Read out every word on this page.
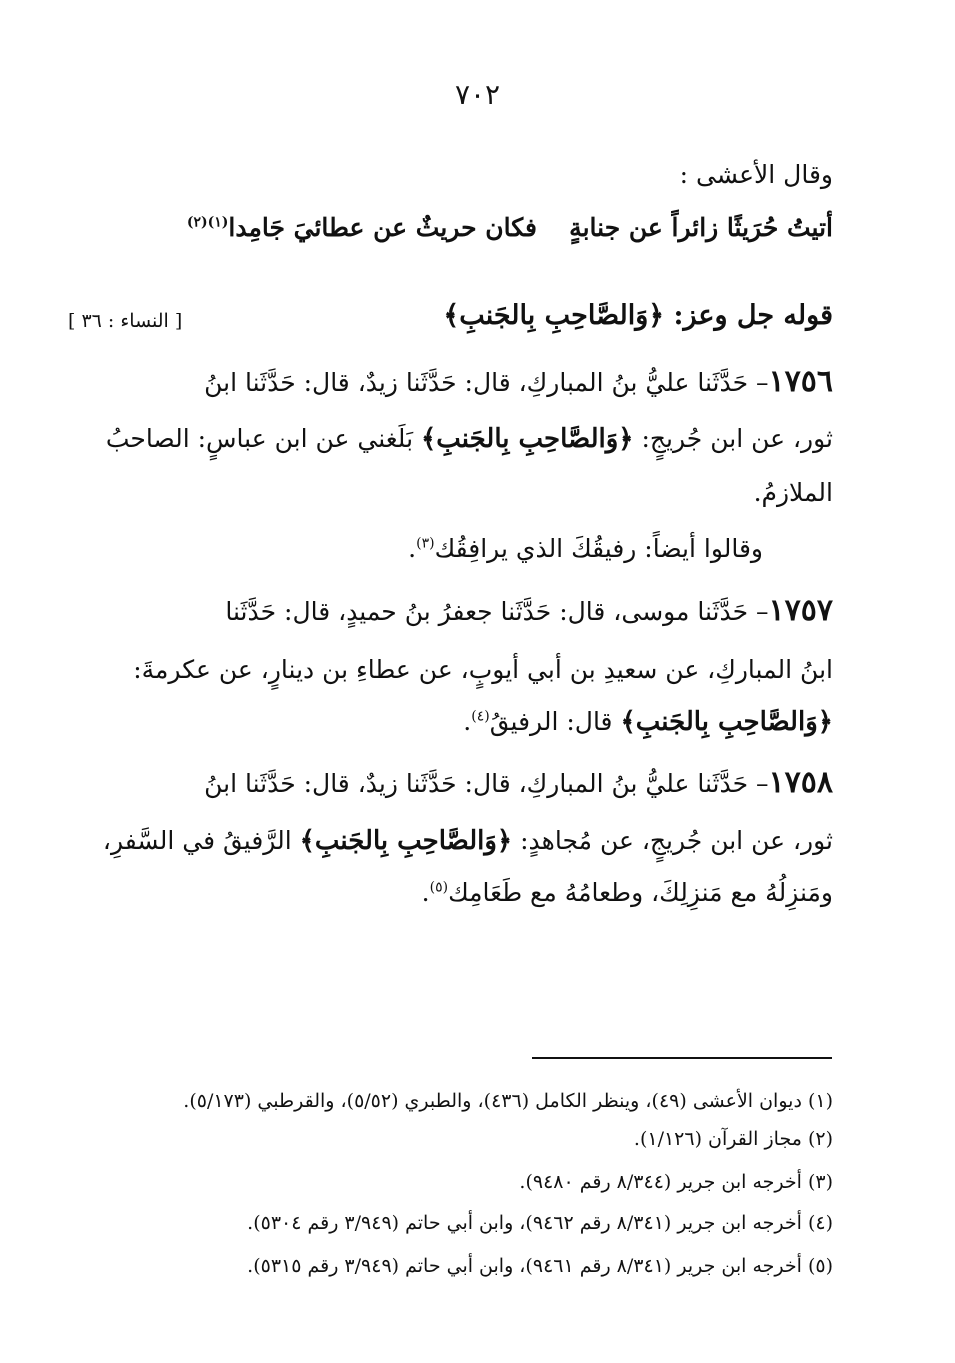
٧٠٢
وقال الأعشى :
أتيتُ حُرَيثًا زائراً عن جنابةٍ
فكان حريثٌ عن عطائيَ جَامِدا$^{(١)(٢)}$
قوله جل وعز: ﴿وَالصَّاحِبِ بِالجَنبِ﴾
[ النساء : ٣٦ ]
١٧٥٦– حَدَّثَنا عليُّ بنُ المباركِ، قال: حَدَّثَنا زيدٌ، قال: حَدَّثَنا ابنُ
ثور، عن ابن جُريجٍ: ﴿وَالصَّاحِبِ بِالجَنبِ﴾ بَلَغني عن ابن عباسٍ: الصاحبُ
الملازمُ.
وقالوا أيضاً: رفيقُكَ الذي يرافِقُك$^{(٣)}$.
١٧٥٧– حَدَّثَنا موسى، قال: حَدَّثَنا جعفرُ بنُ حميدٍ، قال: حَدَّثَنا
ابنُ المباركِ، عن سعيدِ بن أبي أيوبٍ، عن عطاءِ بن دينارٍ، عن عكرمةَ:
﴿وَالصَّاحِبِ بِالجَنبِ﴾ قال: الرفيقُ$^{(٤)}$.
١٧٥٨– حَدَّثَنا عليُّ بنُ المباركِ، قال: حَدَّثَنا زيدٌ، قال: حَدَّثَنا ابنُ
ثور، عن ابن جُريجٍ، عن مُجاهدٍ: ﴿وَالصَّاحِبِ بِالجَنبِ﴾ الرَّفيقُ في السَّفرِ،
ومَنزِلُهُ مع مَنزِلِكَ، وطعامُهُ مع طَعَامِك$^{(٥)}$.
(١) ديوان الأعشى (٤٩)، وينظر الكامل (٤٣٦)، والطبري (٥/٥٢)، والقرطبي (٥/١٧٣).
(٢) مجاز القرآن (١/١٢٦).
(٣) أخرجه ابن جرير (٨/٣٤٤ رقم ٩٤٨٠).
(٤) أخرجه ابن جرير (٨/٣٤١ رقم ٩٤٦٢)، وابن أبي حاتم (٣/٩٤٩ رقم ٥٣٠٤).
(٥) أخرجه ابن جرير (٨/٣٤١ رقم ٩٤٦١)، وابن أبي حاتم (٣/٩٤٩ رقم ٥٣١٥).
